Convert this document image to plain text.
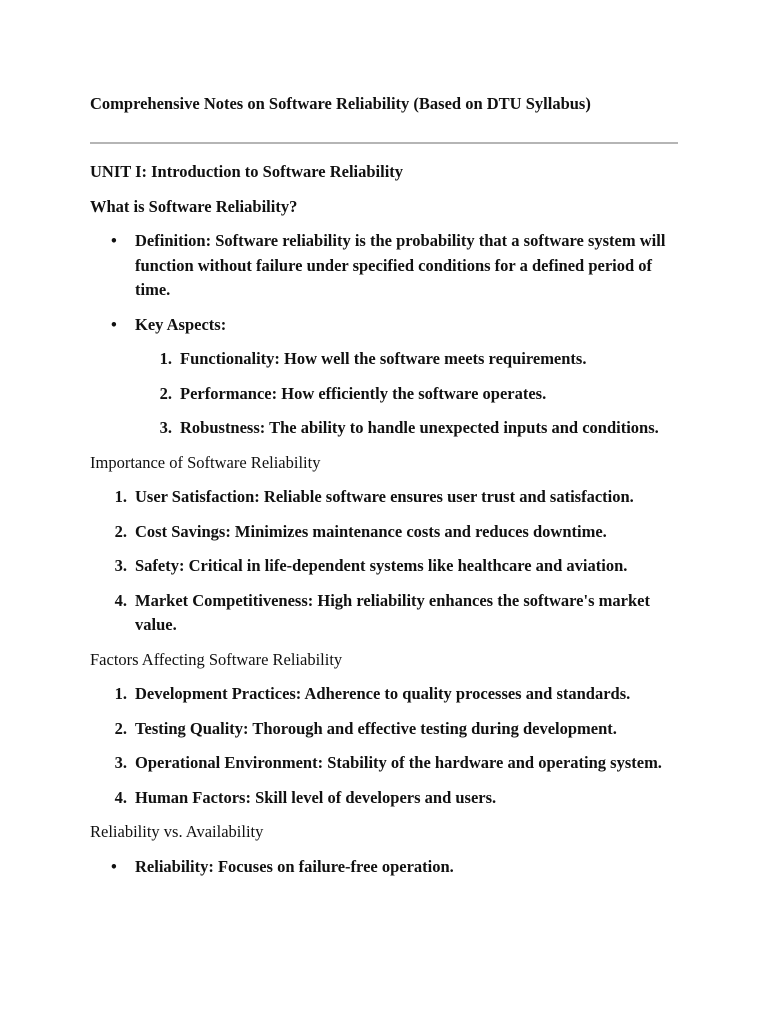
Comprehensive Notes on Software Reliability (Based on DTU Syllabus)
UNIT I: Introduction to Software Reliability
What is Software Reliability?
• Definition: Software reliability is the probability that a software system will function without failure under specified conditions for a defined period of time.
• Key Aspects:
1. Functionality: How well the software meets requirements.
2. Performance: How efficiently the software operates.
3. Robustness: The ability to handle unexpected inputs and conditions.
Importance of Software Reliability
1. User Satisfaction: Reliable software ensures user trust and satisfaction.
2. Cost Savings: Minimizes maintenance costs and reduces downtime.
3. Safety: Critical in life-dependent systems like healthcare and aviation.
4. Market Competitiveness: High reliability enhances the software's market value.
Factors Affecting Software Reliability
1. Development Practices: Adherence to quality processes and standards.
2. Testing Quality: Thorough and effective testing during development.
3. Operational Environment: Stability of the hardware and operating system.
4. Human Factors: Skill level of developers and users.
Reliability vs. Availability
• Reliability: Focuses on failure-free operation.
